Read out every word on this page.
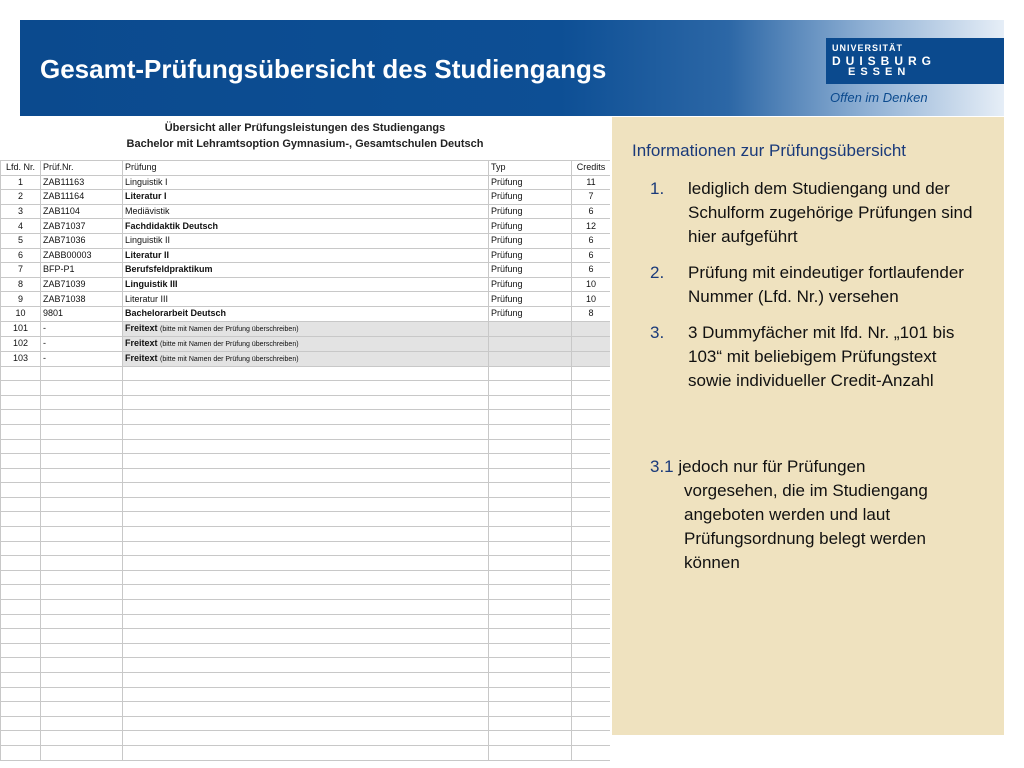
Gesamt-Prüfungsübersicht des Studiengangs
UNIVERSITÄT
DUISBURG
ESSEN
Offen im Denken
Übersicht aller Prüfungsleistungen des Studiengangs
Bachelor mit Lehramtsoption Gymnasium-, Gesamtschulen Deutsch
Lfd. Nr.	Prüf.Nr.	Prüfung	Typ	Credits
1	ZAB11163	Linguistik I	Prüfung	11
2	ZAB11164	Literatur I	Prüfung	7
3	ZAB1104	Mediävistik	Prüfung	6
4	ZAB71037	Fachdidaktik Deutsch	Prüfung	12
5	ZAB71036	Linguistik II	Prüfung	6
6	ZABB00003	Literatur II	Prüfung	6
7	BFP-P1	Berufsfeldpraktikum	Prüfung	6
8	ZAB71039	Linguistik III	Prüfung	10
9	ZAB71038	Literatur III	Prüfung	10
10	9801	Bachelorarbeit Deutsch	Prüfung	8
101	-	Freitext (bitte mit Namen der Prüfung überschreiben)		
102	-	Freitext (bitte mit Namen der Prüfung überschreiben)		
103	-	Freitext (bitte mit Namen der Prüfung überschreiben)		

Informationen zur Prüfungsübersicht
1. lediglich dem Studiengang und der Schulform zugehörige Prüfungen sind hier aufgeführt
2. Prüfung mit eindeutiger fortlaufender Nummer (Lfd. Nr.) versehen
3. 3 Dummyfächer mit lfd. Nr. „101 bis 103“ mit beliebigem Prüfungstext sowie individueller Credit-Anzahl
3.1 jedoch nur für Prüfungen
vorgesehen, die im Studiengang angeboten werden und laut Prüfungsordnung belegt werden können
